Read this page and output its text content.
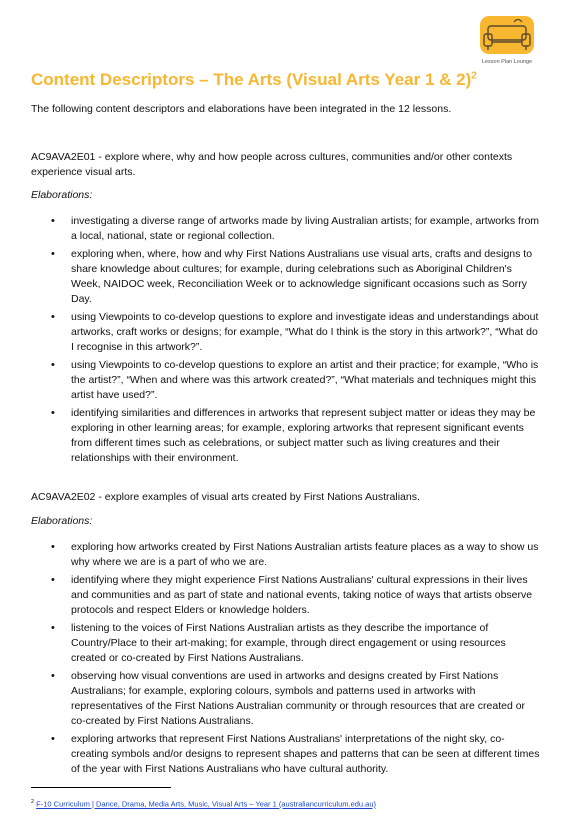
Lesson Plan Lounge
Content Descriptors – The Arts (Visual Arts Year 1 & 2)$^2$

The following content descriptors and elaborations have been integrated in the 12 lessons.

AC9AVA2E01 - explore where, why and how people across cultures, communities and/or other contexts experience visual arts.
Elaborations:
• investigating a diverse range of artworks made by living Australian artists; for example, artworks from a local, national, state or regional collection.
• exploring when, where, how and why First Nations Australians use visual arts, crafts and designs to share knowledge about cultures; for example, during celebrations such as Aboriginal Children's Week, NAIDOC week, Reconciliation Week or to acknowledge significant occasions such as Sorry Day.
• using Viewpoints to co-develop questions to explore and investigate ideas and understandings about artworks, craft works or designs; for example, “What do I think is the story in this artwork?”, “What do I recognise in this artwork?”.
• using Viewpoints to co-develop questions to explore an artist and their practice; for example, “Who is the artist?”, “When and where was this artwork created?”, “What materials and techniques might this artist have used?”.
• identifying similarities and differences in artworks that represent subject matter or ideas they may be exploring in other learning areas; for example, exploring artworks that represent significant events from different times such as celebrations, or subject matter such as living creatures and their relationships with their environment.
AC9AVA2E02 - explore examples of visual arts created by First Nations Australians.
Elaborations:
• exploring how artworks created by First Nations Australian artists feature places as a way to show us why where we are is a part of who we are.
• identifying where they might experience First Nations Australians' cultural expressions in their lives and communities and as part of state and national events, taking notice of ways that artists observe protocols and respect Elders or knowledge holders.
• listening to the voices of First Nations Australian artists as they describe the importance of Country/Place to their art-making; for example, through direct engagement or using resources created or co-created by First Nations Australians.
• observing how visual conventions are used in artworks and designs created by First Nations Australians; for example, exploring colours, symbols and patterns used in artworks with representatives of the First Nations Australian community or through resources that are created or co-created by First Nations Australians.
• exploring artworks that represent First Nations Australians' interpretations of the night sky, co-creating symbols and/or designs to represent shapes and patterns that can be seen at different times of the year with First Nations Australians who have cultural authority.
$^2$ F-10 Curriculum | Dance, Drama, Media Arts, Music, Visual Arts – Year 1 (australiancurriculum.edu.au)
